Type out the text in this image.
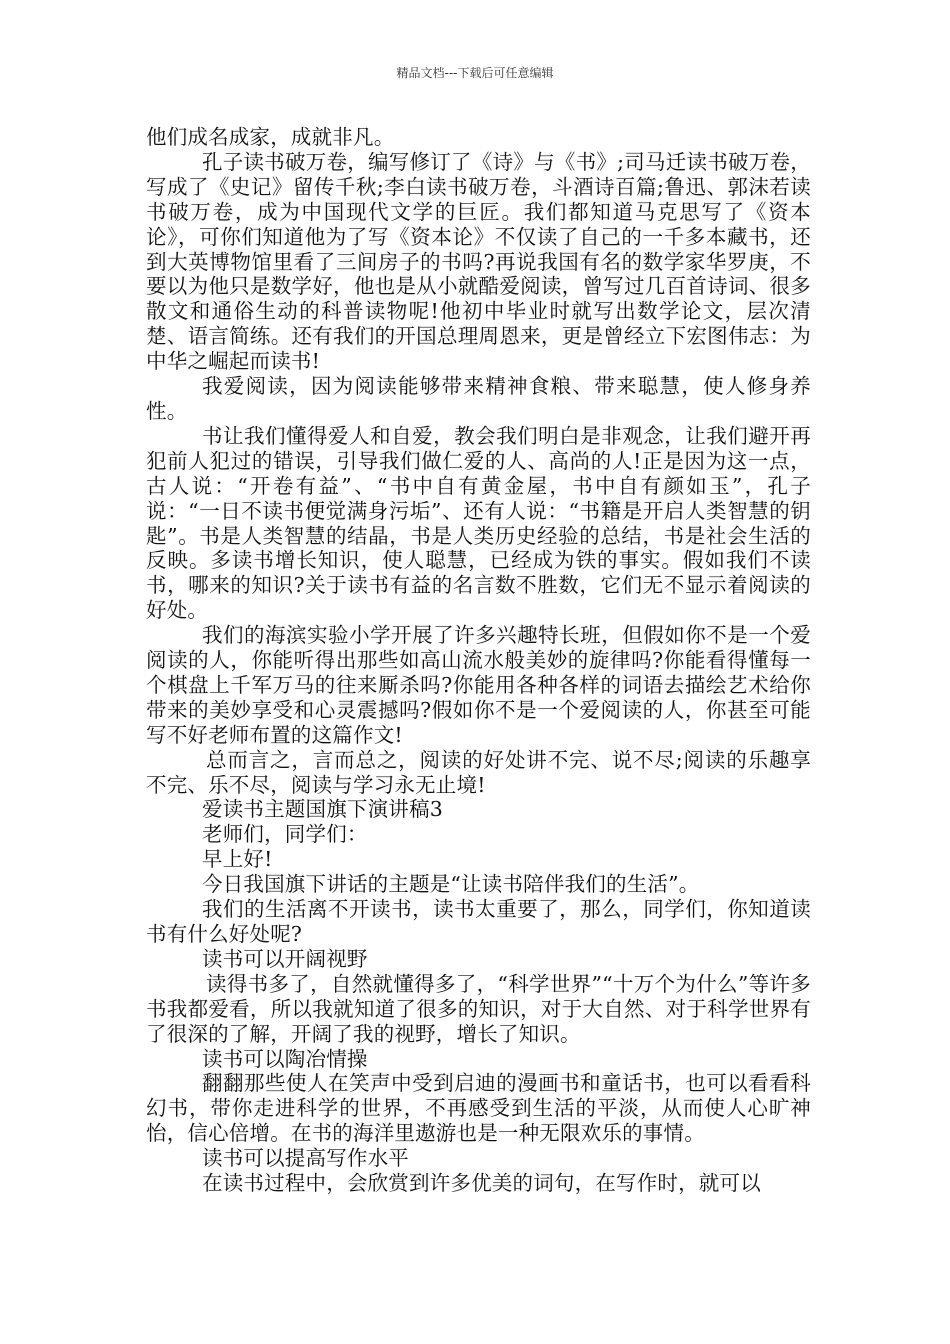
精品文档---下载后可任意编辑

他们成名成家，成就非凡。

孔子读书破万卷，编写修订了《诗》与《书》;司马迁读书破万卷，写成了《史记》留传千秋;李白读书破万卷，斗酒诗百篇;鲁迅、郭沫若读书破万卷，成为中国现代文学的巨匠。我们都知道马克思写了《资本论》，可你们知道他为了写《资本论》不仅读了自己的一千多本藏书，还到大英博物馆里看了三间房子的书吗?再说我国有名的数学家华罗庚，不要以为他只是数学好，他也是从小就酷爱阅读，曾写过几百首诗词、很多散文和通俗生动的科普读物呢!他初中毕业时就写出数学论文，层次清楚、语言简练。还有我们的开国总理周恩来，更是曾经立下宏图伟志：为中华之崛起而读书!

我爱阅读，因为阅读能够带来精神食粮、带来聪慧，使人修身养性。

书让我们懂得爱人和自爱，教会我们明白是非观念，让我们避开再犯前人犯过的错误，引导我们做仁爱的人、高尚的人!正是因为这一点，古人说：“开卷有益”、“书中自有黄金屋，书中自有颜如玉”，孔子说：“一日不读书便觉满身污垢”、还有人说：“书籍是开启人类智慧的钥匙”。书是人类智慧的结晶，书是人类历史经验的总结，书是社会生活的反映。多读书增长知识，使人聪慧，已经成为铁的事实。假如我们不读书，哪来的知识?关于读书有益的名言数不胜数，它们无不显示着阅读的好处。

我们的海滨实验小学开展了许多兴趣特长班，但假如你不是一个爱阅读的人，你能听得出那些如高山流水般美妙的旋律吗?你能看得懂每一个棋盘上千军万马的往来厮杀吗?你能用各种各样的词语去描绘艺术给你带来的美妙享受和心灵震撼吗?假如你不是一个爱阅读的人，你甚至可能写不好老师布置的这篇作文!

总而言之，言而总之，阅读的好处讲不完、说不尽;阅读的乐趣享不完、乐不尽，阅读与学习永无止境!

爱读书主题国旗下演讲稿3

老师们，同学们：

早上好!

今日我国旗下讲话的主题是“让读书陪伴我们的生活”。

我们的生活离不开读书，读书太重要了，那么，同学们，你知道读书有什么好处呢?

读书可以开阔视野

读得书多了，自然就懂得多了，“科学世界”“十万个为什么”等许多书我都爱看，所以我就知道了很多的知识，对于大自然、对于科学世界有了很深的了解，开阔了我的视野，增长了知识。

读书可以陶冶情操

翻翻那些使人在笑声中受到启迪的漫画书和童话书，也可以看看科幻书，带你走进科学的世界，不再感受到生活的平淡，从而使人心旷神怡，信心倍增。在书的海洋里遨游也是一种无限欢乐的事情。

读书可以提高写作水平

在读书过程中，会欣赏到许多优美的词句，在写作时，就可以
